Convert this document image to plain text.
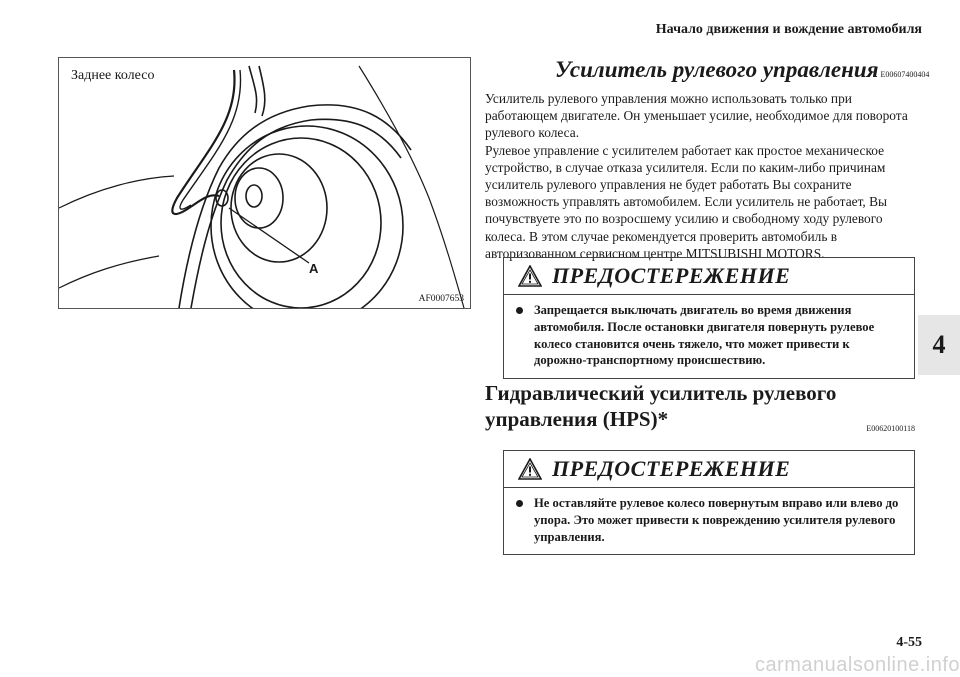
Начало движения и вождение автомобиля
4
A
Заднее колесо
AF0007653
Усилитель рулевого управления E00607400404

Усилитель рулевого управления можно использовать только при работающем двигателе. Он уменьшает усилие, необходимое для поворота рулевого колеса.

Рулевое управление с усилителем работает как простое механическое устройство, в случае отказа усилителя. Если по каким-либо причинам усилитель рулевого управления не будет работать Вы сохраните возможность управлять автомобилем. Если усилитель не работает, Вы почувствуете это по возросшему усилию и свободному ходу рулевого колеса. В этом случае рекомендуется проверить автомобиль в авторизованном сервисном центре MITSUBISHI MOTORS.

ПРЕДОСТЕРЕЖЕНИЕ
Запрещается выключать двигатель во время движения автомобиля. После остановки двигателя повернуть рулевое колесо становится очень тяжело, что может привести к дорожно-транспортному происшествию.
Гидравлический усилитель рулевого управления (HPS)*	E00620100118
ПРЕДОСТЕРЕЖЕНИЕ
Не оставляйте рулевое колесо повернутым вправо или влево до упора. Это может привести к повреждению усилителя рулевого управления.
4-55
carmanualsonline.info
